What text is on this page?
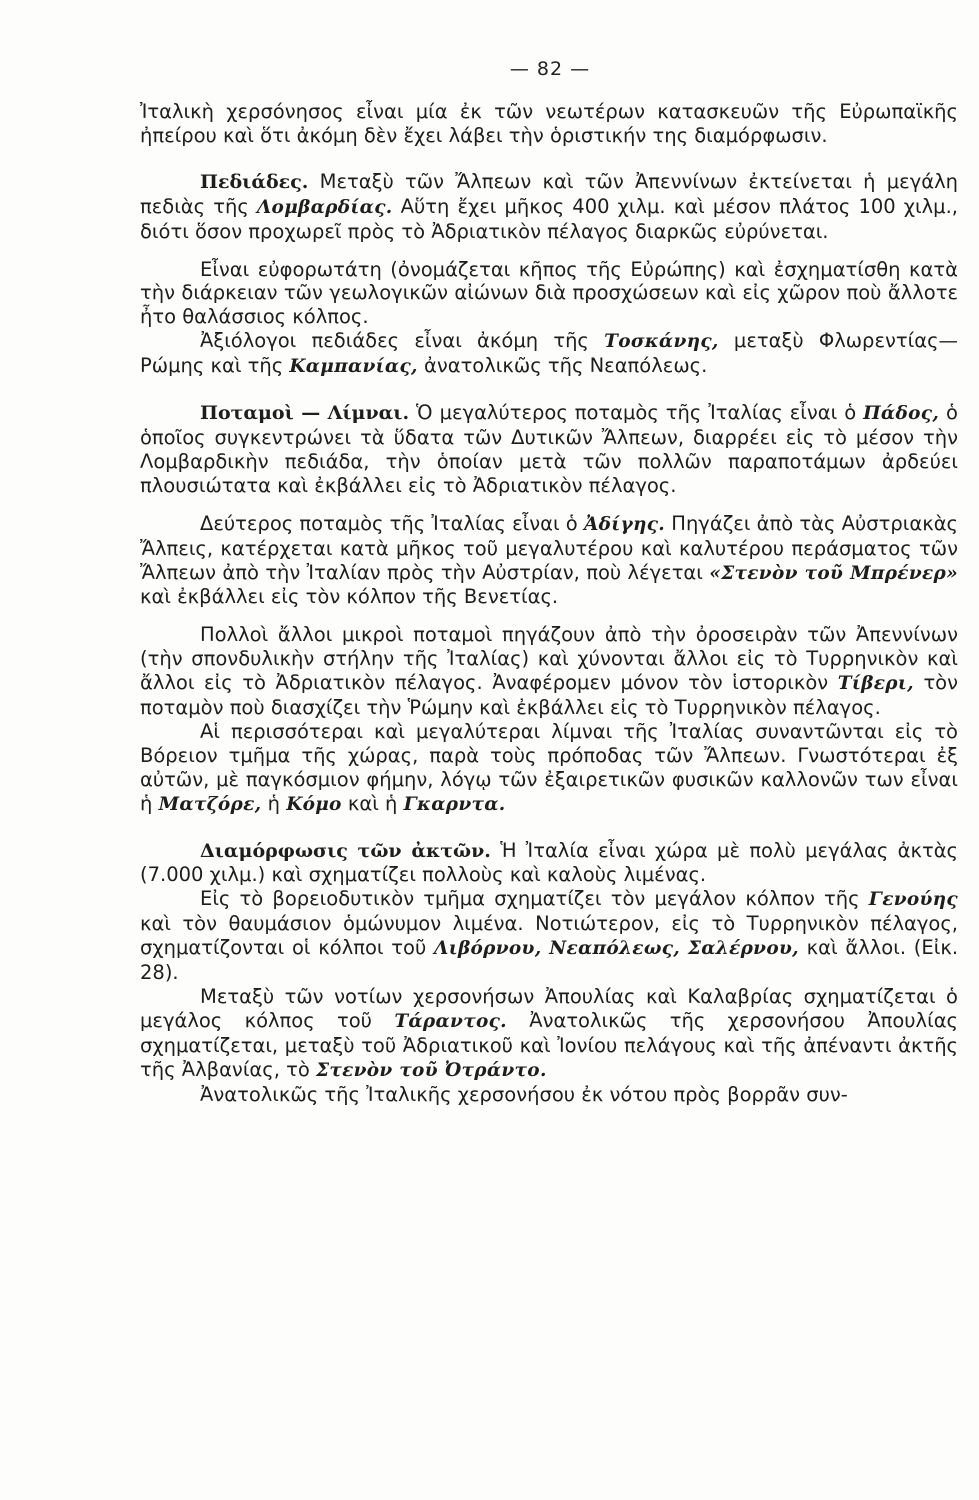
— 82 —

Ἰταλικὴ χερσόνησος εἶναι μία ἐκ τῶν νεωτέρων κατασκευῶν τῆς Εὐρωπαϊκῆς ἠπείρου καὶ ὅτι ἀκόμη δὲν ἔχει λάβει τὴν ὁριστικήν της διαμόρφωσιν.

Πεδιάδες. Μεταξὺ τῶν Ἄλπεων καὶ τῶν Ἀπεννίνων ἐκτείνεται ἡ μεγάλη πεδιὰς τῆς Λομβαρδίας. Αὕτη ἔχει μῆκος 400 χιλμ. καὶ μέσον πλάτος 100 χιλμ., διότι ὅσον προχωρεῖ πρὸς τὸ Ἀδριατικὸν πέλαγος διαρκῶς εὐρύνεται.

Εἶναι εὐφορωτάτη (ὀνομάζεται κῆπος τῆς Εὐρώπης) καὶ ἐσχηματίσθη κατὰ τὴν διάρκειαν τῶν γεωλογικῶν αἰώνων διὰ προσχώσεων καὶ εἰς χῶρον ποὺ ἄλλοτε ἦτο θαλάσσιος κόλπος.

Ἀξιόλογοι πεδιάδες εἶναι ἀκόμη τῆς Τοσκάνης, μεταξὺ Φλωρεντίας—Ρώμης καὶ τῆς Καμπανίας, ἀνατολικῶς τῆς Νεαπόλεως.

Ποταμοὶ — Λίμναι. Ὁ μεγαλύτερος ποταμὸς τῆς Ἰταλίας εἶναι ὁ Πάδος, ὁ ὁποῖος συγκεντρώνει τὰ ὕδατα τῶν Δυτικῶν Ἄλπεων, διαρρέει εἰς τὸ μέσον τὴν Λομβαρδικὴν πεδιάδα, τὴν ὁποίαν μετὰ τῶν πολλῶν παραποτάμων ἀρδεύει πλουσιώτατα καὶ ἐκβάλλει εἰς τὸ Ἀδριατικὸν πέλαγος.

Δεύτερος ποταμὸς τῆς Ἰταλίας εἶναι ὁ Ἀδίγης. Πηγάζει ἀπὸ τὰς Αὐστριακὰς Ἄλπεις, κατέρχεται κατὰ μῆκος τοῦ μεγαλυτέρου καὶ καλυτέρου περάσματος τῶν Ἄλπεων ἀπὸ τὴν Ἰταλίαν πρὸς τὴν Αὐστρίαν, ποὺ λέγεται «Στενὸν τοῦ Μπρένερ» καὶ ἐκβάλλει εἰς τὸν κόλπον τῆς Βενετίας.

Πολλοὶ ἄλλοι μικροὶ ποταμοὶ πηγάζουν ἀπὸ τὴν ὀροσειρὰν τῶν Ἀπεννίνων (τὴν σπονδυλικὴν στήλην τῆς Ἰταλίας) καὶ χύνονται ἄλλοι εἰς τὸ Τυρρηνικὸν καὶ ἄλλοι εἰς τὸ Ἀδριατικὸν πέλαγος. Ἀναφέρομεν μόνον τὸν ἱστορικὸν Τίβερι, τὸν ποταμὸν ποὺ διασχίζει τὴν Ῥώμην καὶ ἐκβάλλει εἰς τὸ Τυρρηνικὸν πέλαγος.

Αἱ περισσότεραι καὶ μεγαλύτεραι λίμναι τῆς Ἰταλίας συναντῶνται εἰς τὸ Βόρειον τμῆμα τῆς χώρας, παρὰ τοὺς πρόποδας τῶν Ἄλπεων. Γνωστότεραι ἐξ αὐτῶν, μὲ παγκόσμιον φήμην, λόγῳ τῶν ἐξαιρετικῶν φυσικῶν καλλονῶν των εἶναι ἡ Ματζόρε, ἡ Κόμο καὶ ἡ Γκαρντα.

Διαμόρφωσις τῶν ἀκτῶν. Ἡ Ἰταλία εἶναι χώρα μὲ πολὺ μεγάλας ἀκτὰς (7.000 χιλμ.) καὶ σχηματίζει πολλοὺς καὶ καλοὺς λιμένας.

Εἰς τὸ βορειοδυτικὸν τμῆμα σχηματίζει τὸν μεγάλον κόλπον τῆς Γενούης καὶ τὸν θαυμάσιον ὁμώνυμον λιμένα. Νοτιώτερον, εἰς τὸ Τυρρηνικὸν πέλαγος, σχηματίζονται οἱ κόλποι τοῦ Λιβόρνου, Νεαπόλεως, Σαλέρνου, καὶ ἄλλοι. (Εἰκ. 28).

Μεταξὺ τῶν νοτίων χερσονήσων Ἀπουλίας καὶ Καλαβρίας σχηματίζεται ὁ μεγάλος κόλπος τοῦ Τάραντος. Ἀνατολικῶς τῆς χερσονήσου Ἀπουλίας σχηματίζεται, μεταξὺ τοῦ Ἀδριατικοῦ καὶ Ἰονίου πελάγους καὶ τῆς ἀπέναντι ἀκτῆς τῆς Ἀλβανίας, τὸ Στενὸν τοῦ Ὀτράντο.

Ἀνατολικῶς τῆς Ἰταλικῆς χερσονήσου ἐκ νότου πρὸς βορρᾶν συν-
